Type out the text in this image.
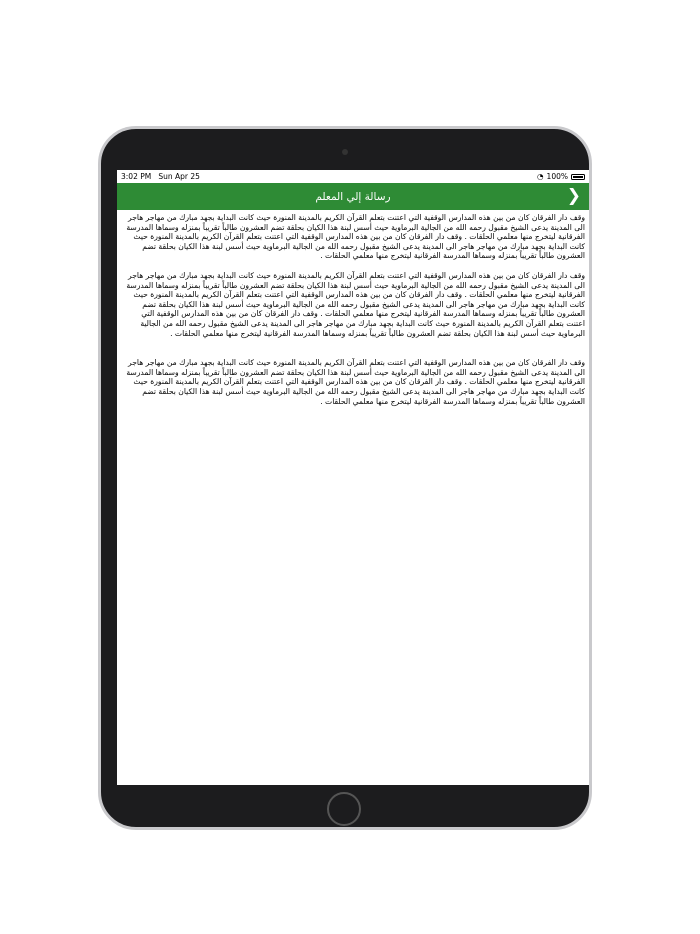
3:02 PM Sun Apr 25	◔ 100%
رسالة إلي المعلم	❯

وقف دار الفرقان كان من بين هذه المدارس الوقفية التي اعتنت بتعلم القرآن الكريم بالمدينة المنورة حيث كانت البداية بجهد مبارك من مهاجر هاجر الى المدينة يدعى الشيخ مقبول رحمه الله من الجالية البرماوية حيث أسس لبنة هذا الكيان بحلقة تضم العشرون طالباً تقريباً بمنزله وسماها المدرسة الفرقانية ليتخرج منها معلمي الحلقات . وقف دار الفرقان كان من بين هذه المدارس الوقفية التي اعتنت بتعلم القرآن الكريم بالمدينة المنورة حيث كانت البداية بجهد مبارك من مهاجر هاجر الى المدينة يدعى الشيخ مقبول رحمه الله من الجالية البرماوية حيث أسس لبنة هذا الكيان بحلقة تضم العشرون طالباً تقريباً بمنزله وسماها المدرسة الفرقانية ليتخرج منها معلمي الحلقات .

وقف دار الفرقان كان من بين هذه المدارس الوقفية التي اعتنت بتعلم القرآن الكريم بالمدينة المنورة حيث كانت البداية بجهد مبارك من مهاجر هاجر الى المدينة يدعى الشيخ مقبول رحمه الله من الجالية البرماوية حيث أسس لبنة هذا الكيان بحلقة تضم العشرون طالباً تقريباً بمنزله وسماها المدرسة الفرقانية ليتخرج منها معلمي الحلقات . وقف دار الفرقان كان من بين هذه المدارس الوقفية التي اعتنت بتعلم القرآن الكريم بالمدينة المنورة حيث كانت البداية بجهد مبارك من مهاجر هاجر الى المدينة يدعى الشيخ مقبول رحمه الله من الجالية البرماوية حيث أسس لبنة هذا الكيان بحلقة تضم العشرون طالباً تقريباً بمنزله وسماها المدرسة الفرقانية ليتخرج منها معلمي الحلقات . وقف دار الفرقان كان من بين هذه المدارس الوقفية التي اعتنت بتعلم القرآن الكريم بالمدينة المنورة حيث كانت البداية بجهد مبارك من مهاجر هاجر الى المدينة يدعى الشيخ مقبول رحمه الله من الجالية البرماوية حيث أسس لبنة هذا الكيان بحلقة تضم العشرون طالباً تقريباً بمنزله وسماها المدرسة الفرقانية ليتخرج منها معلمي الحلقات .

وقف دار الفرقان كان من بين هذه المدارس الوقفية التي اعتنت بتعلم القرآن الكريم بالمدينة المنورة حيث كانت البداية بجهد مبارك من مهاجر هاجر الى المدينة يدعى الشيخ مقبول رحمه الله من الجالية البرماوية حيث أسس لبنة هذا الكيان بحلقة تضم العشرون طالباً تقريباً بمنزله وسماها المدرسة الفرقانية ليتخرج منها معلمي الحلقات . وقف دار الفرقان كان من بين هذه المدارس الوقفية التي اعتنت بتعلم القرآن الكريم بالمدينة المنورة حيث كانت البداية بجهد مبارك من مهاجر هاجر الى المدينة يدعى الشيخ مقبول رحمه الله من الجالية البرماوية حيث أسس لبنة هذا الكيان بحلقة تضم العشرون طالباً تقريباً بمنزله وسماها المدرسة الفرقانية ليتخرج منها معلمي الحلقات .
